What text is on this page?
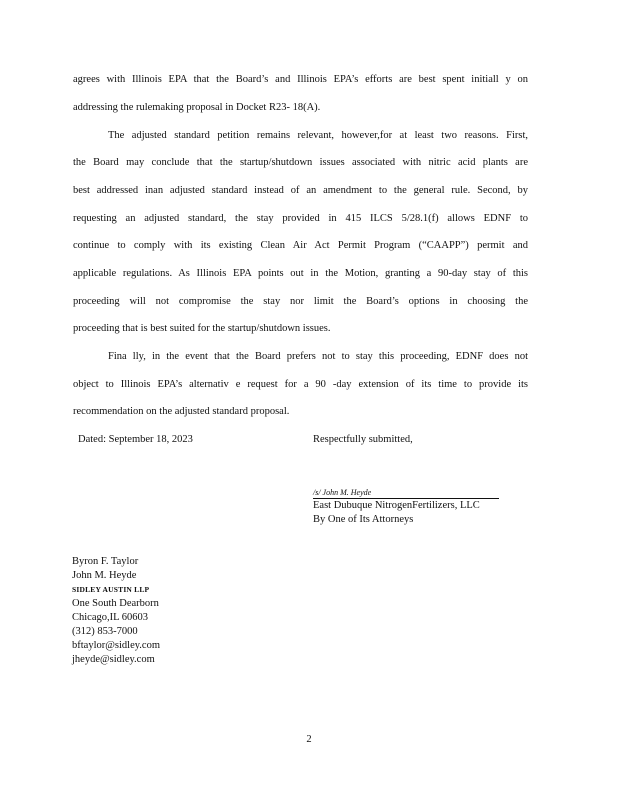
agrees with Illinois EPA that the Board’s and Illinois EPA’s efforts are best spent initiall y on
addressing the rulemaking proposal in Docket R23- 18(A).
The adjusted standard petition remains relevant, however,for at least two reasons. First,
the Board may conclude that the startup/shutdown issues associated with nitric acid plants are
best addressed inan adjusted standard instead of an amendment to the general rule. Second, by
requesting an adjusted standard, the stay provided in 415 ILCS 5/28.1(f) allows EDNF to
continue to comply with its existing Clean Air Act Permit Program (“CAAPP”) permit and
applicable regulations. As Illinois EPA points out in the Motion, granting a 90-day stay of this
proceeding will not compromise the stay nor limit the Board’s options in choosing the
proceeding that is best suited for the startup/shutdown issues.
Fina lly, in the event that the Board prefers not to stay this proceeding, EDNF does not
object to Illinois EPA’s alternativ e request for a 90 -day extension of its time to provide its
recommendation on the adjusted standard proposal.
Dated: September 18, 2023	Respectfully submitted,
/s/ John M. Heyde
East Dubuque NitrogenFertilizers, LLC
By One of Its Attorneys
Byron F. Taylor
John M. Heyde
SIDLEY AUSTIN LLP
One South Dearborn
Chicago,IL 60603
(312) 853-7000
bftaylor@sidley.com
jheyde@sidley.com
2
